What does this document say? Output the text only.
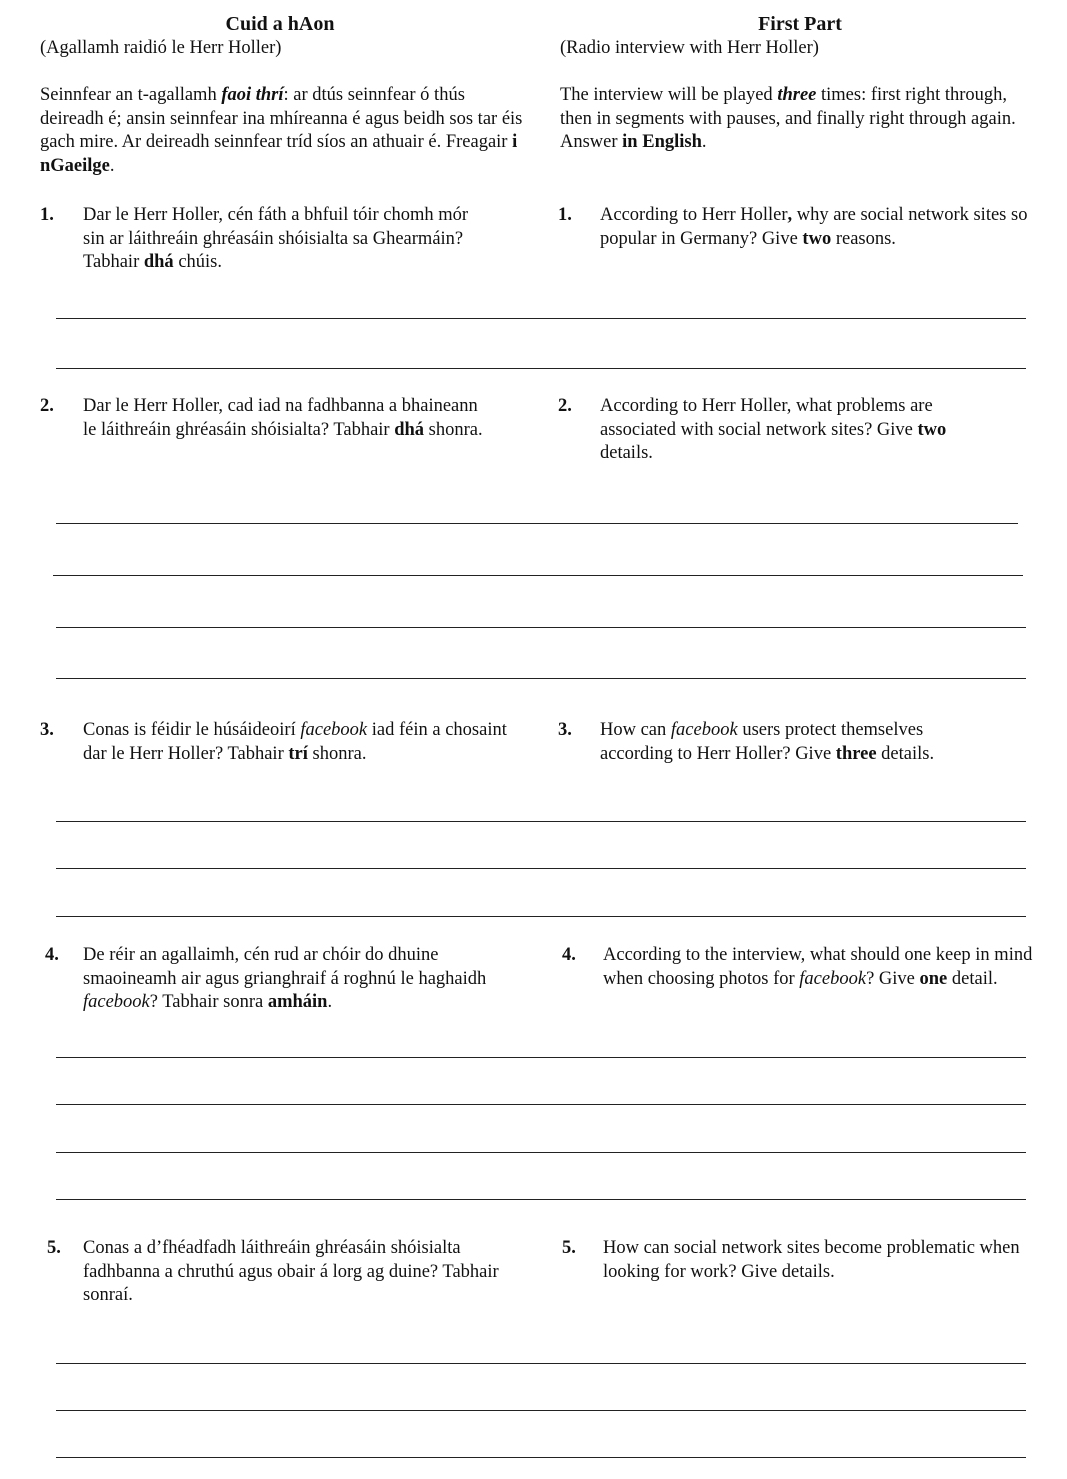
Cuid a hAon
(Agallamh raidió le Herr Holler)
First Part
(Radio interview with Herr Holler)
Seinnfear an t-agallamh faoi thrí: ar dtús seinnfear ó thús deireadh é; ansin seinnfear ina mhíreanna é agus beidh sos tar éis gach mire. Ar deireadh seinnfear tríd síos an athuair é. Freagair i nGaeilge.
The interview will be played three times: first right through, then in segments with pauses, and finally right through again. Answer in English.
1. Dar le Herr Holler, cén fáth a bhfuil tóir chomh mór sin ar láithreáin ghréasáin shóisialta sa Ghearmáin? Tabhair dhá chúis.
1. According to Herr Holler, why are social network sites so popular in Germany? Give two reasons.
2. Dar le Herr Holler, cad iad na fadhbanna a bhaineann le láithreáin ghréasáin shóisialta? Tabhair dhá shonra.
2. According to Herr Holler, what problems are associated with social network sites? Give two details.
3. Conas is féidir le húsáideoirí facebook iad féin a chosaint dar le Herr Holler? Tabhair trí shonra.
3. How can facebook users protect themselves according to Herr Holler? Give three details.
4. De réir an agallaimh, cén rud ar chóir do dhuine smaoineamh air agus grianghraif á roghnú le haghaidh facebook? Tabhair sonra amháin.
4. According to the interview, what should one keep in mind when choosing photos for facebook? Give one detail.
5. Conas a d’fhéadfadh láithreáin ghréasáin shóisialta fadhbanna a chruthú agus obair á lorg ag duine? Tabhair sonraí.
5. How can social network sites become problematic when looking for work? Give details.
